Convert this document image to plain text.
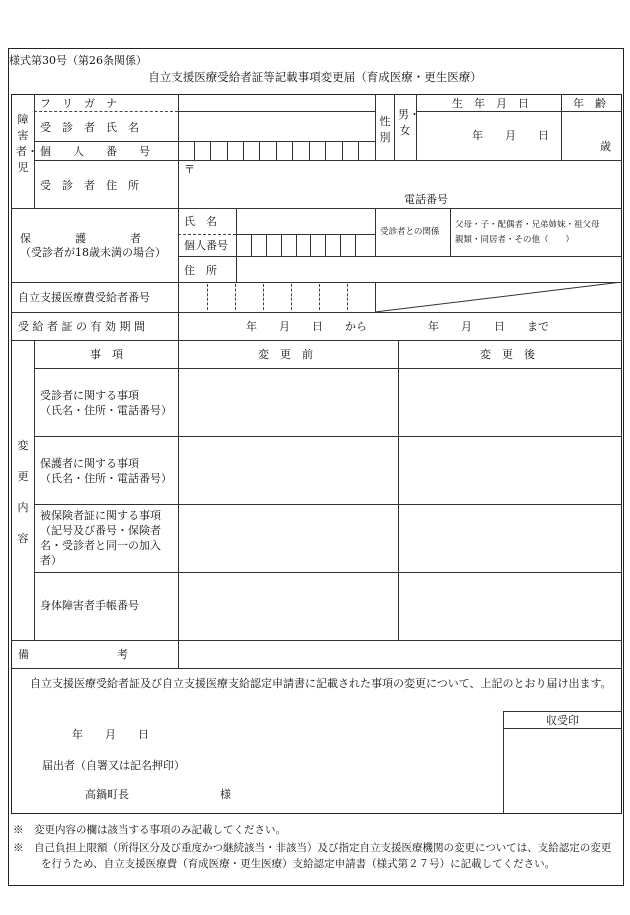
様式第30号（第26条関係）
自立支援医療受給者証等記載事項変更届（育成医療・更生医療）
障害者・児
フ　リ　ガ　ナ
受　診　者　氏　名
個　　人　　番　　号
受　診　者　住　所
〒
電話番号
性別
男・女
生　年　月　日
年　　月　　日
年　齢
歳
保　　　　護　　　　者
（受診者が18歳未満の場合）
氏　名
個人番号
住　所
受診者との関係
父母・子・配偶者・兄弟姉妹・祖父母
親類・同居者・その他（　　）
自立支援医療費受給者番号
受 給 者 証 の 有 効 期 間	年　　月　　日　　から	年　　月　　日　　まで
変更内容
事　項	変　更　前	変　更　後
受診者に関する事項
（氏名・住所・電話番号）
保護者に関する事項
（氏名・住所・電話番号）
被保険者証に関する事項
（記号及び番号・保険者
名・受診者と同一の加入
者）
身体障害者手帳番号
備　　　　　　　　考
自立支援医療受給者証及び自立支援医療支給認定申請書に記載された事項の変更について、上記のとおり届け出ます。
年　　月　　日
届出者（自署又は記名押印）
高鍋町長	様
収受印
※　変更内容の欄は該当する事項のみ記載してください。
※　自己負担上限額（所得区分及び重度かつ継続該当・非該当）及び指定自立支援医療機関の変更については、支給認定の変更を行うため、自立支援医療費（育成医療・更生医療）支給認定申請書（様式第２７号）に記載してください。
